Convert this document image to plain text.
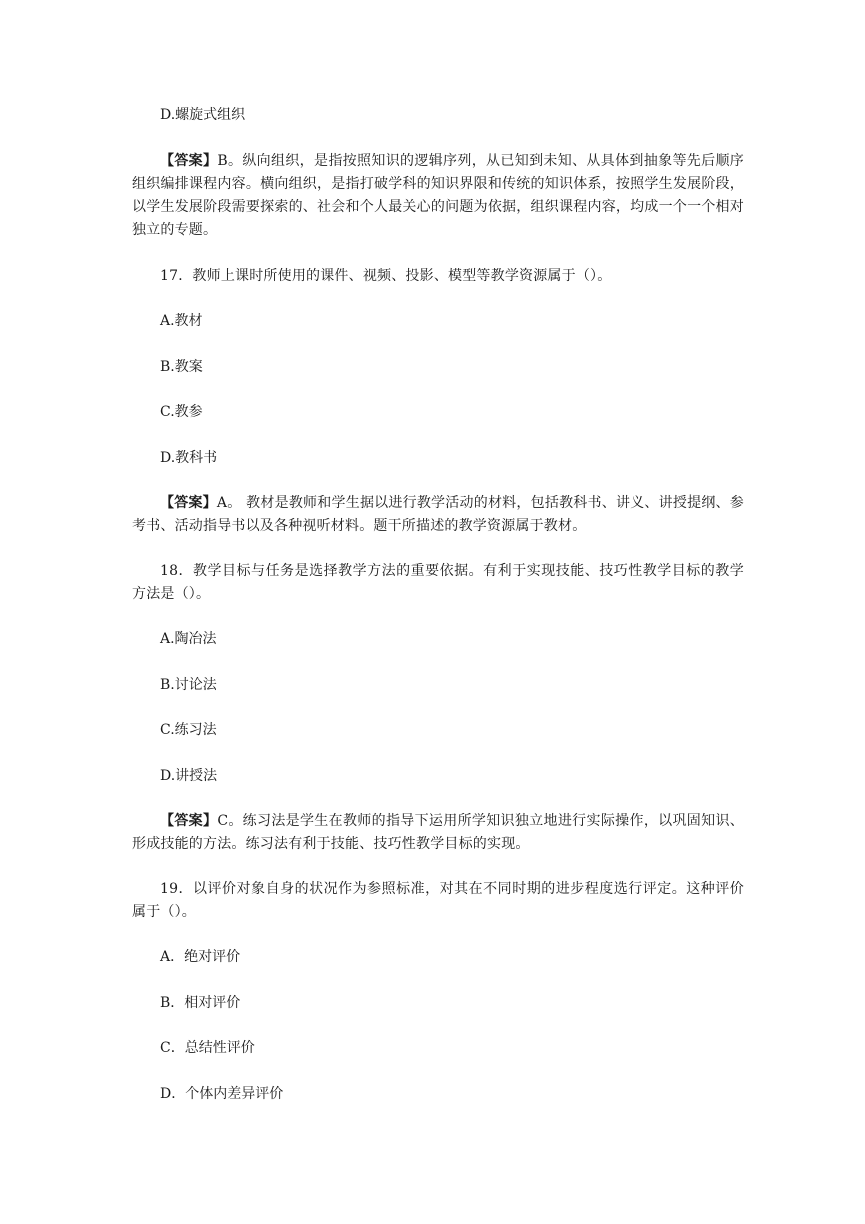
D.螺旋式组织

【答案】B。纵向组织，是指按照知识的逻辑序列，从已知到未知、从具体到抽象等先后顺序组织编排课程内容。横向组织，是指打破学科的知识界限和传统的知识体系，按照学生发展阶段，以学生发展阶段需要探索的、社会和个人最关心的问题为依据，组织课程内容，均成一个一个相对独立的专题。

17．教师上课时所使用的课件、视频、投影、模型等教学资源属于（）。

A.教材

B.教案

C.教参

D.教科书

【答案】A。 教材是教师和学生据以进行教学活动的材料，包括教科书、讲义、讲授提纲、参考书、活动指导书以及各种视听材料。题干所描述的教学资源属于教材。

18．教学目标与任务是选择教学方法的重要依据。有利于实现技能、技巧性教学目标的教学方法是（）。

A.陶冶法

B.讨论法

C.练习法

D.讲授法

【答案】C。练习法是学生在教师的指导下运用所学知识独立地进行实际操作，以巩固知识、形成技能的方法。练习法有利于技能、技巧性教学目标的实现。

19．以评价对象自身的状况作为参照标准，对其在不同时期的进步程度选行评定。这种评价属于（）。

A．绝对评价

B．相对评价

C．总结性评价

D．个体内差异评价
